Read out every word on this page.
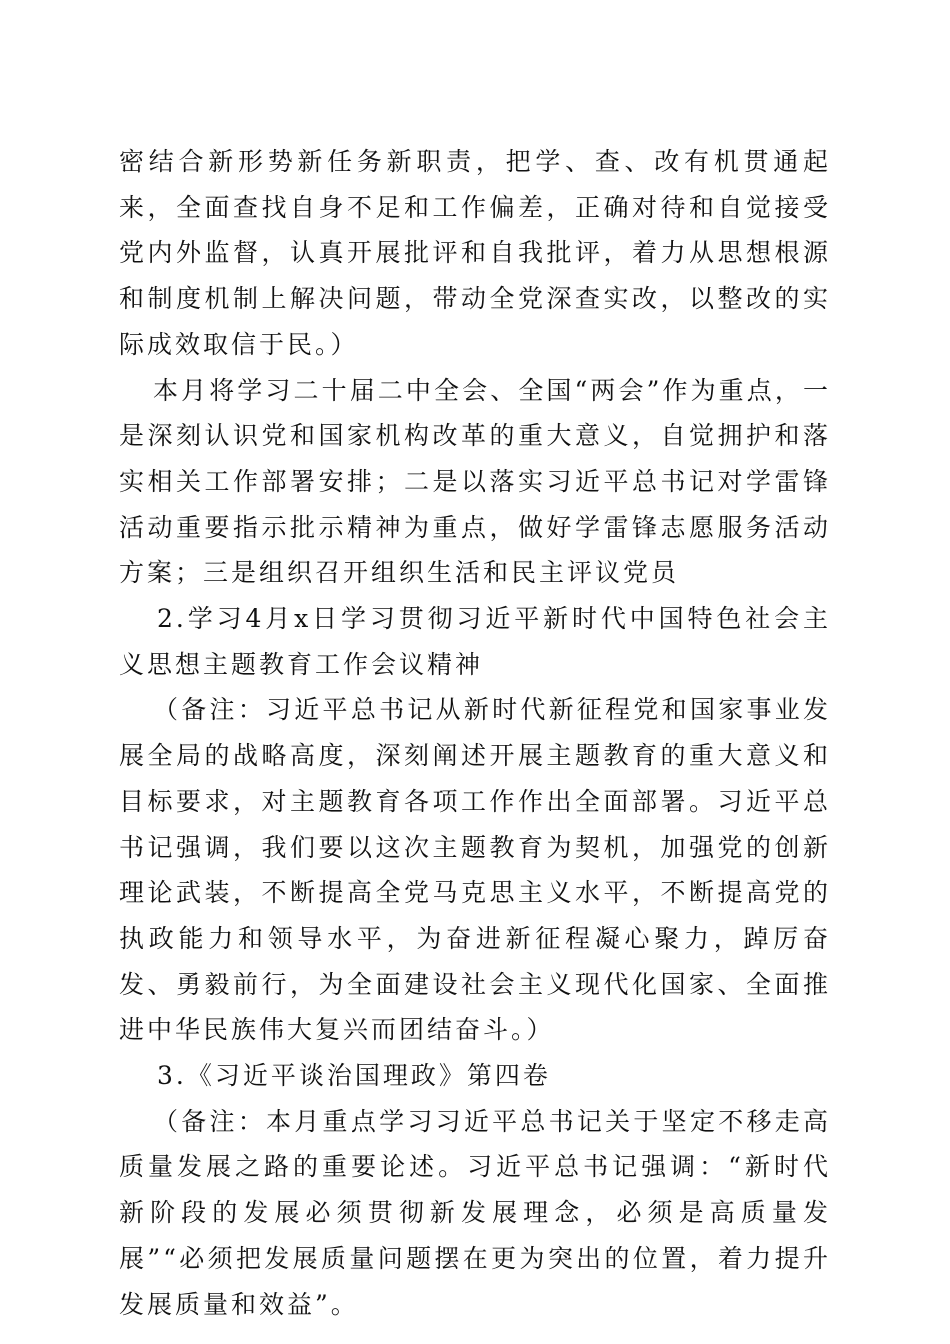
密结合新形势新任务新职责，把学、查、改有机贯通起来，全面查找自身不足和工作偏差，正确对待和自觉接受党内外监督，认真开展批评和自我批评，着力从思想根源和制度机制上解决问题，带动全党深查实改，以整改的实际成效取信于民。）

本月将学习二十届二中全会、全国“两会”作为重点，一是深刻认识党和国家机构改革的重大意义，自觉拥护和落实相关工作部署安排；二是以落实习近平总书记对学雷锋活动重要指示批示精神为重点，做好学雷锋志愿服务活动方案；三是组织召开组织生活和民主评议党员

2.学习4月x日学习贯彻习近平新时代中国特色社会主义思想主题教育工作会议精神

（备注：习近平总书记从新时代新征程党和国家事业发展全局的战略高度，深刻阐述开展主题教育的重大意义和目标要求，对主题教育各项工作作出全面部署。习近平总书记强调，我们要以这次主题教育为契机，加强党的创新理论武装，不断提高全党马克思主义水平，不断提高党的执政能力和领导水平，为奋进新征程凝心聚力，踔厉奋发、勇毅前行，为全面建设社会主义现代化国家、全面推进中华民族伟大复兴而团结奋斗。）

3.《习近平谈治国理政》第四卷

（备注：本月重点学习习近平总书记关于坚定不移走高质量发展之路的重要论述。习近平总书记强调：“新时代新阶段的发展必须贯彻新发展理念，必须是高质量发展”“必须把发展质量问题摆在更为突出的位置，着力提升发展质量和效益”。
